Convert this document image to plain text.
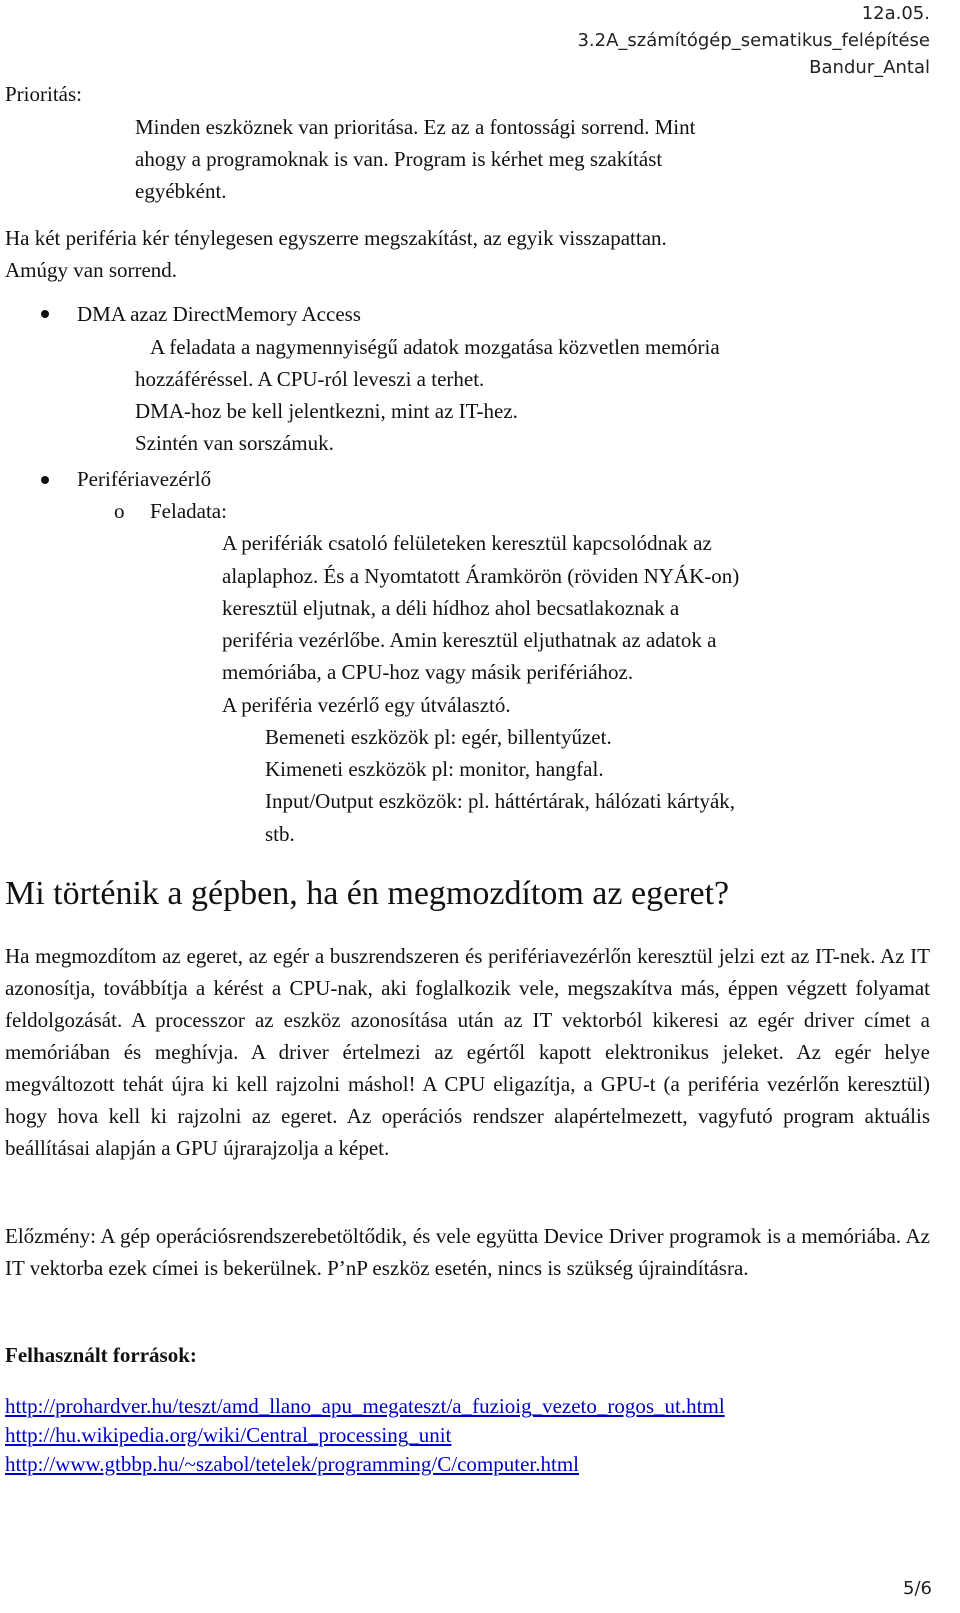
12a.05.
3.2A_számítógép_sematikus_felépítése
Bandur_Antal
Prioritás:
Minden eszköznek van prioritása. Ez az a fontossági sorrend. Mint
ahogy a programoknak is van. Program is kérhet meg szakítást
egyébként.
Ha két periféria kér ténylegesen egyszerre megszakítást, az egyik visszapattan.
Amúgy van sorrend.
DMA azaz DirectMemory Access
A feladata a nagymennyiségű adatok mozgatása közvetlen memória
hozzáféréssel. A CPU-ról leveszi a terhet.
DMA-hoz be kell jelentkezni, mint az IT-hez.
Szintén van sorszámuk.
Perifériavezérlő
o Feladata:
A perifériák csatoló felületeken keresztül kapcsolódnak az
alaplaphoz. És a Nyomtatott Áramkörön (röviden NYÁK-on)
keresztül eljutnak, a déli hídhoz ahol becsatlakoznak a
periféria vezérlőbe. Amin keresztül eljuthatnak az adatok a
memóriába, a CPU-hoz vagy másik perifériához.
A periféria vezérlő egy útválasztó.
Bemeneti eszközök pl: egér, billentyűzet.
Kimeneti eszközök pl: monitor, hangfal.
Input/Output eszközök: pl. háttértárak, hálózati kártyák,
stb.
Mi történik a gépben, ha én megmozdítom az egeret?
Ha megmozdítom az egeret, az egér a buszrendszeren és perifériavezérlőn keresztül jelzi ezt az IT-nek. Az IT azonosítja, továbbítja a kérést a CPU-nak, aki foglalkozik vele, megszakítva más, éppen végzett folyamat feldolgozását. A processzor az eszköz azonosítása után az IT vektorból kikeresi az egér driver címet a memóriában és meghívja. A driver értelmezi az egértől kapott elektronikus jeleket. Az egér helye megváltozott tehát újra ki kell rajzolni máshol! A CPU eligazítja, a GPU-t (a periféria vezérlőn keresztül) hogy hova kell ki rajzolni az egeret. Az operációs rendszer alapértelmezett, vagyfutó program aktuális beállításai alapján a GPU újrarajzolja a képet.
Előzmény: A gép operációsrendszerebetöltődik, és vele együtta Device Driver programok is a memóriába. Az IT vektorba ezek címei is bekerülnek. P’nP eszköz esetén, nincs is szükség újraindításra.
Felhasznált források:
http://prohardver.hu/teszt/amd_llano_apu_megateszt/a_fuzioig_vezeto_rogos_ut.html
http://hu.wikipedia.org/wiki/Central_processing_unit
http://www.gtbbp.hu/~szabol/tetelek/programming/C/computer.html
5/6
